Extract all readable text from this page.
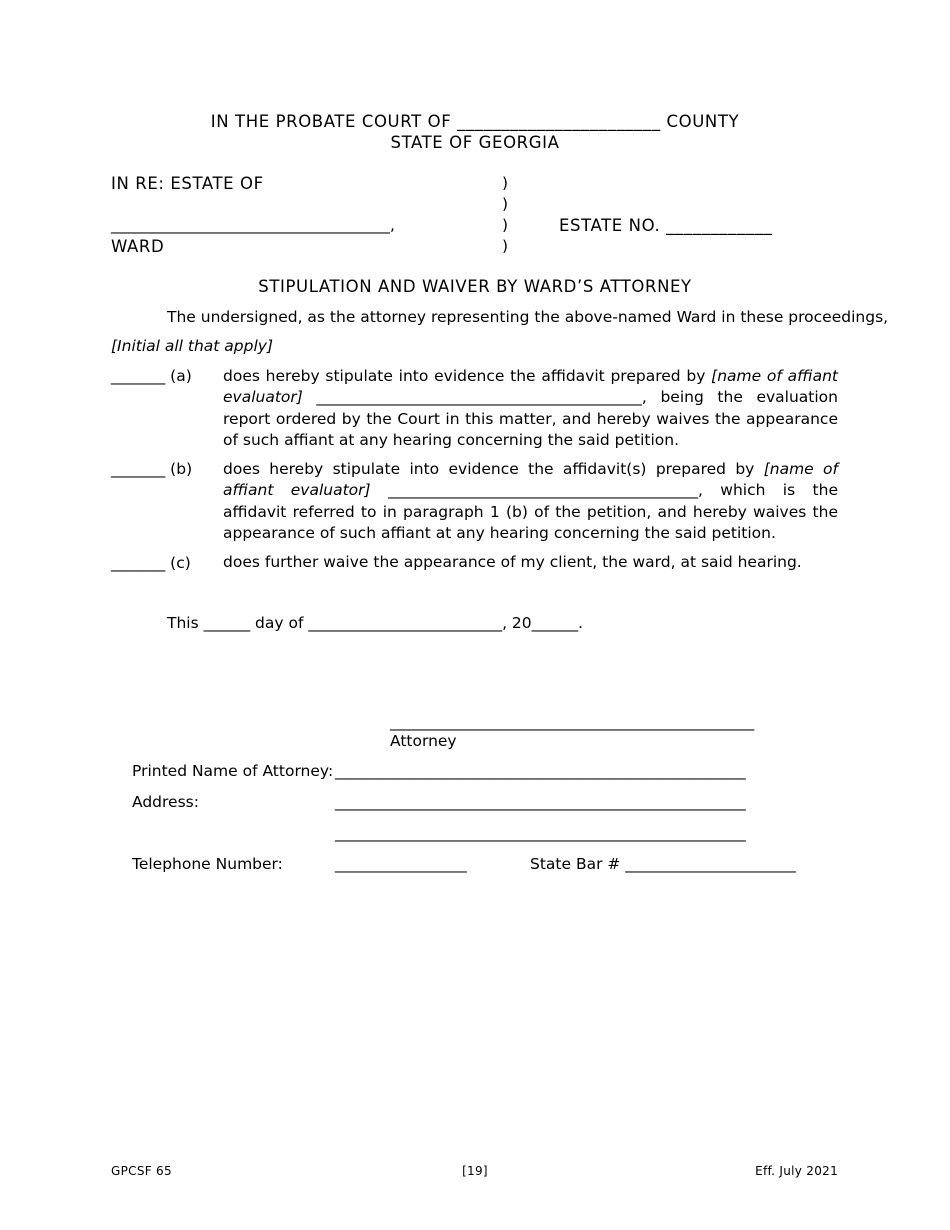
IN THE PROBATE COURT OF _______________________ COUNTY
STATE OF GEORGIA
IN RE: ESTATE OF
____________________________________,
WARD
)
)
)
)
ESTATE NO. ____________
STIPULATION AND WAIVER BY WARD’S ATTORNEY
The undersigned, as the attorney representing the above-named Ward in these proceedings,
[Initial all that apply]
_______ (a) does hereby stipulate into evidence the affidavit prepared by [name of affiant evaluator] __________________________________________, being the evaluation report ordered by the Court in this matter, and hereby waives the appearance of such affiant at any hearing concerning the said petition.
_______ (b) does hereby stipulate into evidence the affidavit(s) prepared by [name of affiant evaluator] ________________________________________, which is the affidavit referred to in paragraph 1 (b) of the petition, and hereby waives the appearance of such affiant at any hearing concerning the said petition.
_______ (c) does further waive the appearance of my client, the ward, at said hearing.
This ______ day of _________________________, 20______.
_______________________________________________
Attorney
Printed Name of Attorney: _____________________________________________________
Address:	_____________________________________________________
_____________________________________________________
Telephone Number:	_________________	State Bar # ______________________
GPCSF 65	[19]	Eff. July 2021
